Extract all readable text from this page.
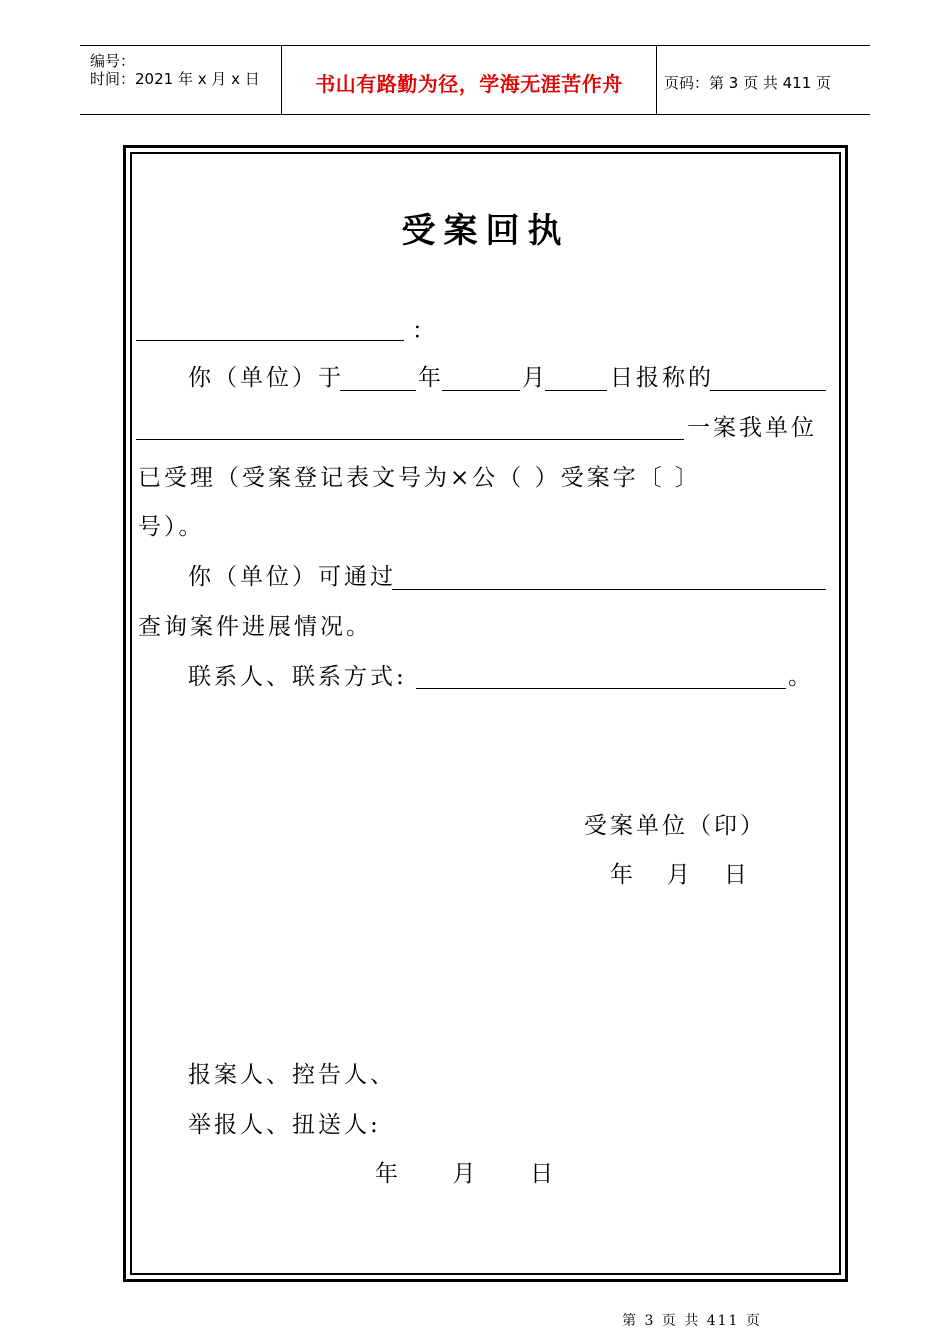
编号：
时间：2021 年 x 月 x 日	书山有路勤为径，学海无涯苦作舟	页码：第 3 页 共 411 页
受案回执
：
你（单位）于	年	月	日报称的
一案我单位
已受理（受案登记表文号为×公（ ）受案字〔 〕
号）。
你（单位）可通过
查询案件进展情况。
联系人、联系方式:	。
受案单位（印）
年   月   日
报案人、控告人、
举报人、扭送人:
年     月     日
第 3 页 共 411 页
